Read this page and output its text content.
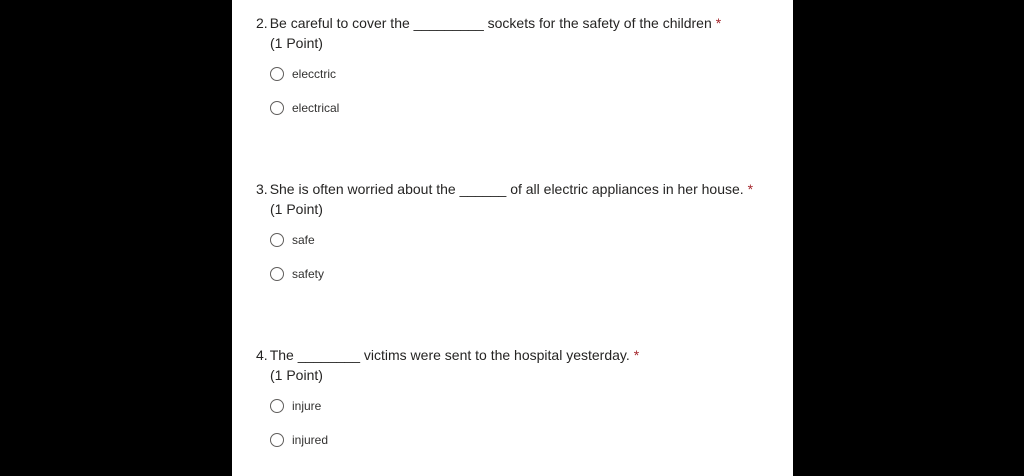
2. Be careful to cover the _________ sockets for the safety of the children *
(1 Point)
elecctric
electrical
3. She is often worried about the ______ of all electric appliances in her house. *
(1 Point)
safe
safety
4. The ________ victims were sent to the hospital yesterday. *
(1 Point)
injure
injured
